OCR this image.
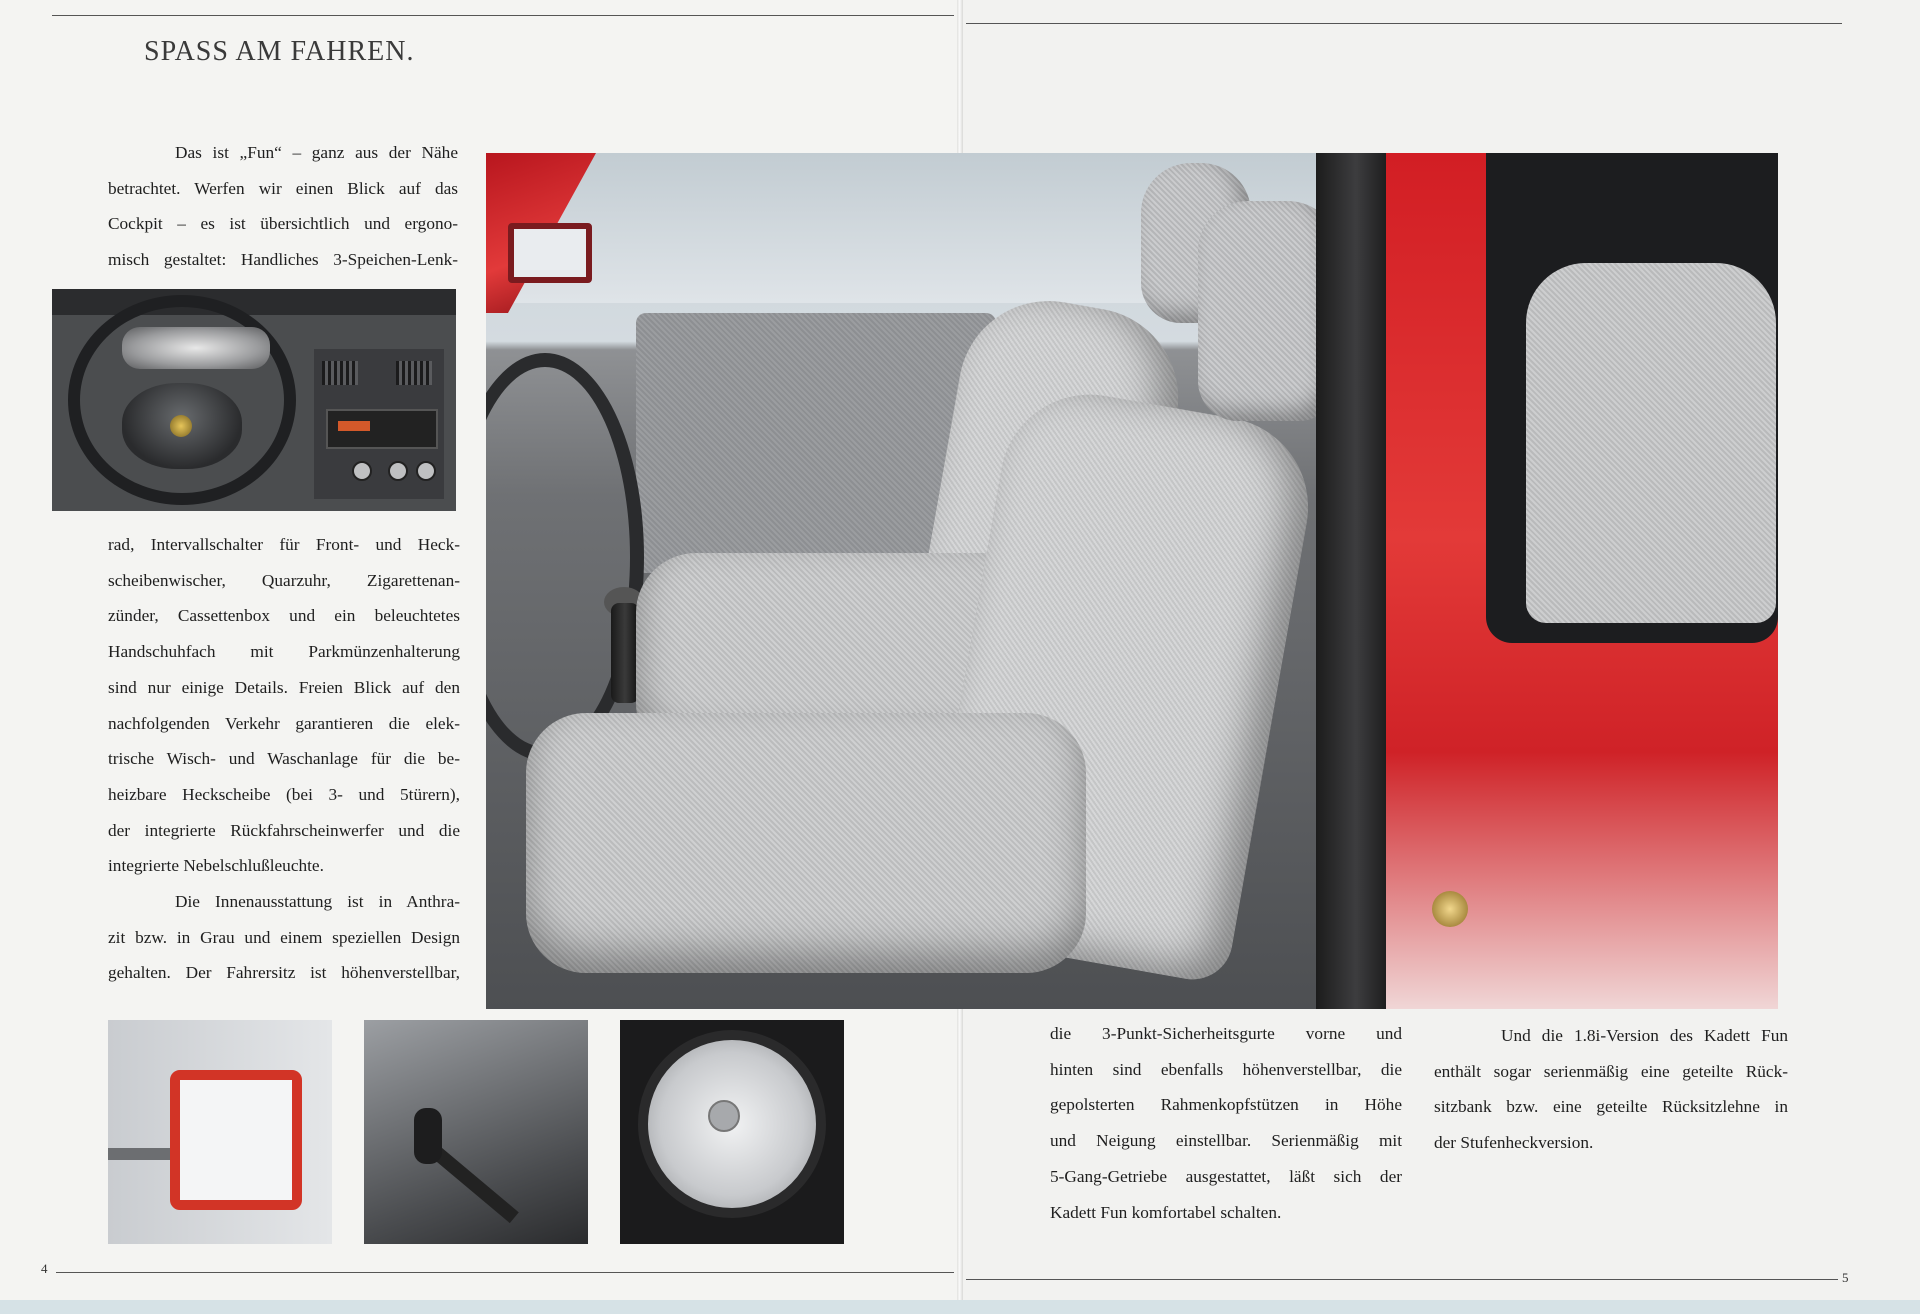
SPASS AM FAHREN.

Das ist „Fun“ – ganz aus der Nähe

betrachtet. Werfen wir einen Blick auf das

Cockpit – es ist übersichtlich und ergono-

misch gestaltet: Handliches 3-Speichen-Lenk-

rad, Intervallschalter für Front- und Heck-

scheibenwischer, Quarzuhr, Zigarettenan-

zünder, Cassettenbox und ein beleuchtetes

Handschuhfach mit Parkmünzenhalterung

sind nur einige Details. Freien Blick auf den

nachfolgenden Verkehr garantieren die elek-

trische Wisch- und Waschanlage für die be-

heizbare Heckscheibe (bei 3- und 5türern),

der integrierte Rückfahrscheinwerfer und die

integrierte Nebelschlußleuchte.

Die Innenausstattung ist in Anthra-

zit bzw. in Grau und einem speziellen Design

gehalten. Der Fahrersitz ist höhenverstellbar,

die 3-Punkt-Sicherheitsgurte vorne und

hinten sind ebenfalls höhenverstellbar, die

gepolsterten Rahmenkopfstützen in Höhe

und Neigung einstellbar. Serienmäßig mit

5-Gang-Getriebe ausgestattet, läßt sich der

Kadett Fun komfortabel schalten.

Und die 1.8i-Version des Kadett Fun

enthält sogar serienmäßig eine geteilte Rück-

sitzbank bzw. eine geteilte Rücksitzlehne in

der Stufenheckversion.

4
5
